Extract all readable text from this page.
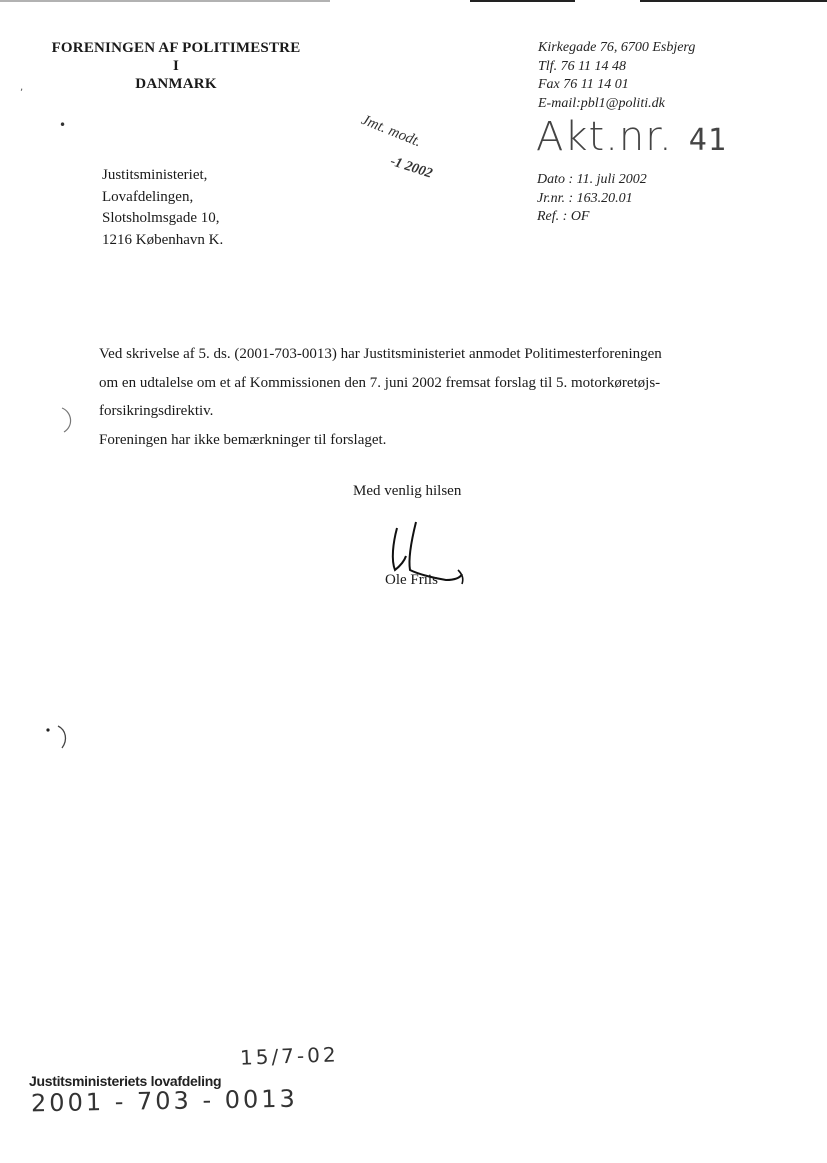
FORENINGEN AF POLITIMESTRE
I
DANMARK
Kirkegade 76, 6700 Esbjerg
Tlf. 76 11 14 48
Fax 76 11 14 01
E-mail:pbl1@politi.dk
Jmt. modt.
-1 2002
Akt.nr. 41
,
•
Justitsministeriet,
Lovafdelingen,
Slotsholmsgade 10,
1216 København K.
Dato : 11. juli 2002
Jr.nr. : 163.20.01
Ref. : OF
Ved skrivelse af 5. ds. (2001-703-0013) har Justitsministeriet anmodet Politimesterforeningen
om en udtalelse om et af Kommissionen den 7. juni 2002 fremsat forslag til 5. motorkøretøjs-
forsikringsdirektiv.
Foreningen har ikke bemærkninger til forslaget.
Med venlig hilsen
Ole Friis
Justitsministeriets lovafdeling
15/7-02
2001 - 703 - 0013
